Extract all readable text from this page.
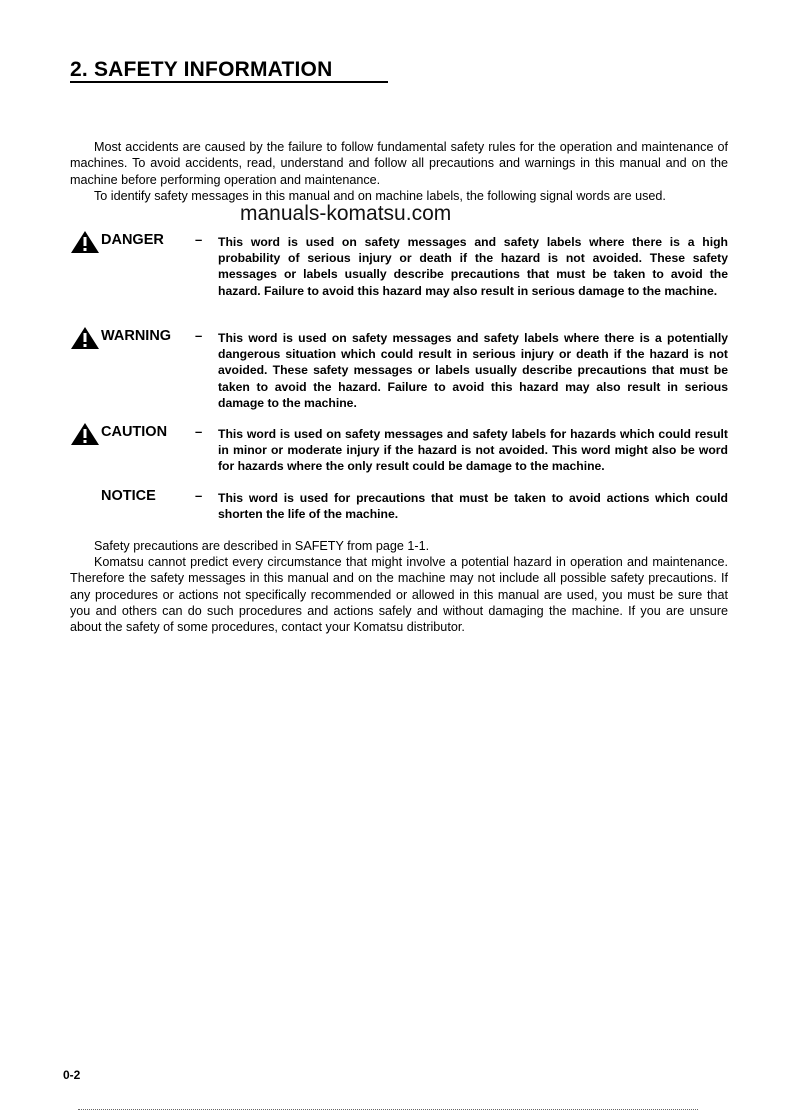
2. SAFETY INFORMATION
Most accidents are caused by the failure to follow fundamental safety rules for the operation and maintenance of machines. To avoid accidents, read, understand and follow all precautions and warnings in this manual and on the machine before performing operation and maintenance.
To identify safety messages in this manual and on machine labels, the following signal words are used.
manuals-komatsu.com
DANGER – This word is used on safety messages and safety labels where there is a high probability of serious injury or death if the hazard is not avoided. These safety messages or labels usually describe precautions that must be taken to avoid the hazard. Failure to avoid this hazard may also result in serious damage to the machine.
WARNING – This word is used on safety messages and safety labels where there is a potentially dangerous situation which could result in serious injury or death if the hazard is not avoided. These safety messages or labels usually describe precautions that must be taken to avoid the hazard. Failure to avoid this hazard may also result in serious damage to the machine.
CAUTION – This word is used on safety messages and safety labels for hazards which could result in minor or moderate injury if the hazard is not avoided. This word might also be word for hazards where the only result could be damage to the machine.
NOTICE	– This word is used for precautions that must be taken to avoid actions which could shorten the life of the machine.
Safety precautions are described in SAFETY from page 1-1.
Komatsu cannot predict every circumstance that might involve a potential hazard in operation and maintenance. Therefore the safety messages in this manual and on the machine may not include all possible safety precautions. If any procedures or actions not specifically recommended or allowed in this manual are used, you must be sure that you and others can do such procedures and actions safely and without damaging the machine. If you are unsure about the safety of some procedures, contact your Komatsu distributor.
0-2
